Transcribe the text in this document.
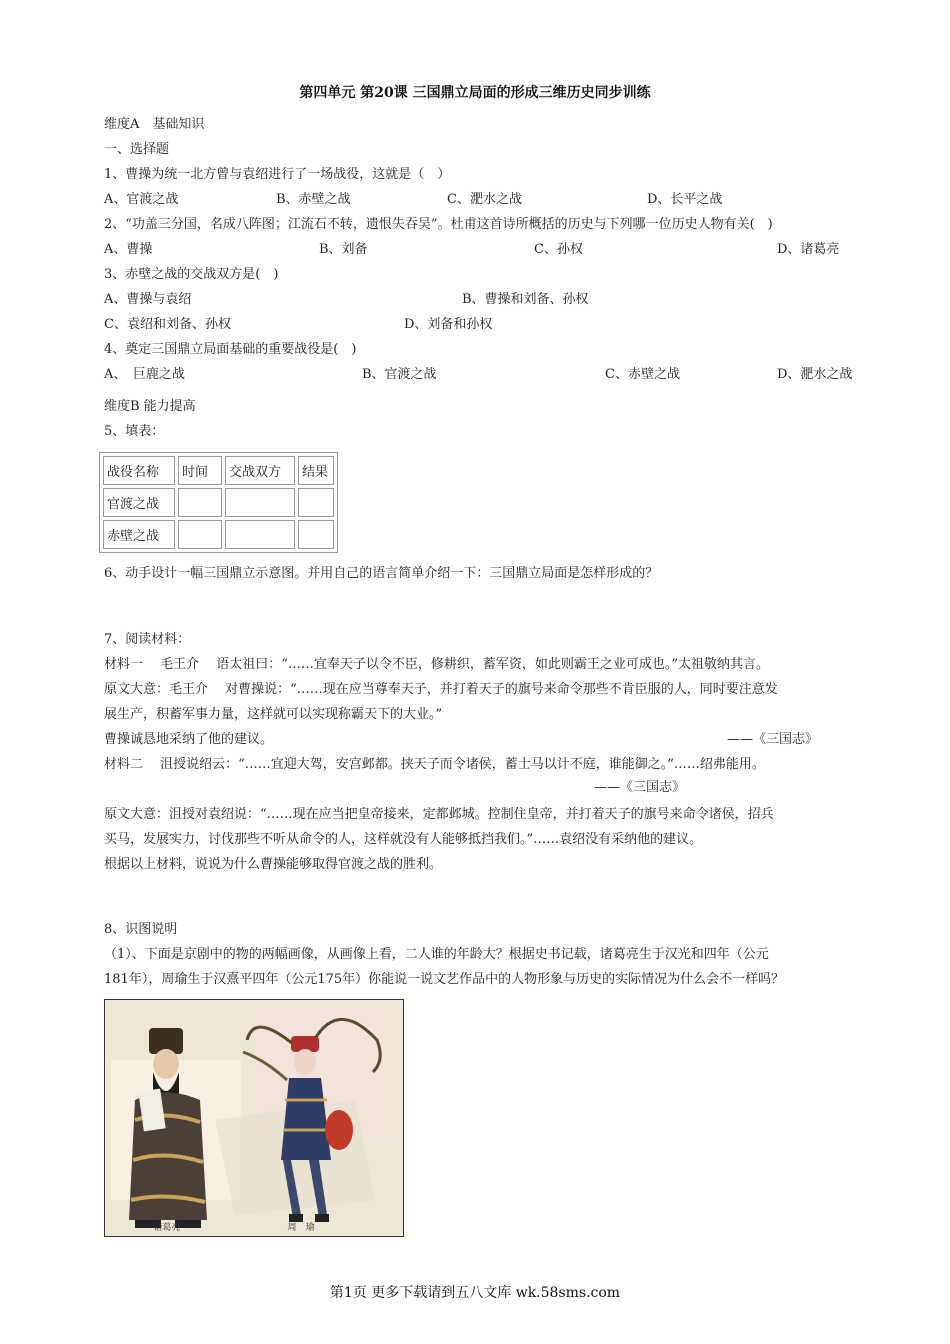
第四单元 第20课 三国鼎立局面的形成三维历史同步训练
维度A　基础知识
一、选择题
1、曹操为统一北方曾与袁绍进行了一场战役，这就是（　）
A、官渡之战	B、赤壁之战	C、淝水之战	D、长平之战
2、“功盖三分国，名成八阵图；江流石不转，遗恨失吞吴”。杜甫这首诗所概括的历史与下列哪一位历史人物有关(　)
A、曹操	B、刘备	C、孙权	D、诸葛亮
3、赤壁之战的交战双方是(　)
A、曹操与袁绍	B、曹操和刘备、孙权
C、袁绍和刘备、孙权	D、刘备和孙权
4、奠定三国鼎立局面基础的重要战役是(　)
A、　巨鹿之战	B、官渡之战	C、赤壁之战	D、淝水之战
维度B 能力提高
5、填表：
战役名称	时间	交战双方	结果
官渡之战			
赤壁之战			
6、动手设计一幅三国鼎立示意图。并用自己的语言简单介绍一下：三国鼎立局面是怎样形成的？
7、阅读材料：
材料一　 毛王介　 语太祖曰：“……宜奉天子以令不臣，修耕织，蓄军资，如此则霸王之业可成也。”太祖敬纳其言。
原文大意：毛王介　 对曹操说：“……现在应当尊奉天子，并打着天子的旗号来命令那些不肯臣服的人，同时要注意发
展生产，积蓄军事力量，这样就可以实现称霸天下的大业。”
曹操诚恳地采纳了他的建议。	——《三国志》
材料二　 沮授说绍云：“……宜迎大驾，安宫邺都。挟天子而令诸侯，蓄士马以计不庭，谁能御之。”……绍弗能用。
——《三国志》
原文大意：沮授对袁绍说：“……现在应当把皇帝接来，定都邺城。控制住皇帝，并打着天子的旗号来命令诸侯，招兵
买马，发展实力，讨伐那些不听从命令的人，这样就没有人能够抵挡我们。”……袁绍没有采纳他的建议。
根据以上材料，说说为什么曹操能够取得官渡之战的胜利。
8、识图说明
（1）、下面是京剧中的物的两幅画像，从画像上看，二人谁的年龄大？根据史书记载，诸葛亮生于汉光和四年（公元
181年），周瑜生于汉熹平四年（公元175年）你能说一说文艺作品中的人物形象与历史的实际情况为什么会不一样吗？
诸葛亮	周　瑜
第1页 更多下载请到五八文库 wk.58sms.com
